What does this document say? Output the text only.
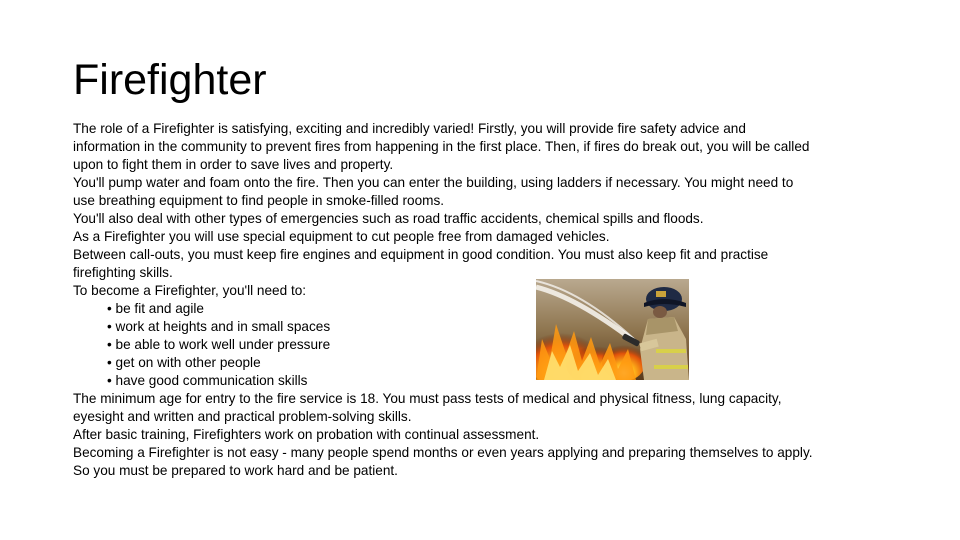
Firefighter
The role of a Firefighter is satisfying, exciting and incredibly varied! Firstly, you will provide fire safety advice and
information in the community to prevent fires from happening in the first place. Then, if fires do break out, you will be called
upon to fight them in order to save lives and property.
You'll pump water and foam onto the fire. Then you can enter the building, using ladders if necessary. You might need to
use breathing equipment to find people in smoke-filled rooms.
You'll also deal with other types of emergencies such as road traffic accidents, chemical spills and floods.
As a Firefighter you will use special equipment to cut people free from damaged vehicles.
Between call-outs, you must keep fire engines and equipment in good condition. You must also keep fit and practise
firefighting skills.
To become a Firefighter, you'll need to:
• be fit and agile
• work at heights and in small spaces
• be able to work well under pressure
• get on with other people
• have good communication skills
The minimum age for entry to the fire service is 18. You must pass tests of medical and physical fitness, lung capacity,
eyesight and written and practical problem-solving skills.
After basic training, Firefighters work on probation with continual assessment.
Becoming a Firefighter is not easy - many people spend months or even years applying and preparing themselves to apply.
So you must be prepared to work hard and be patient.
